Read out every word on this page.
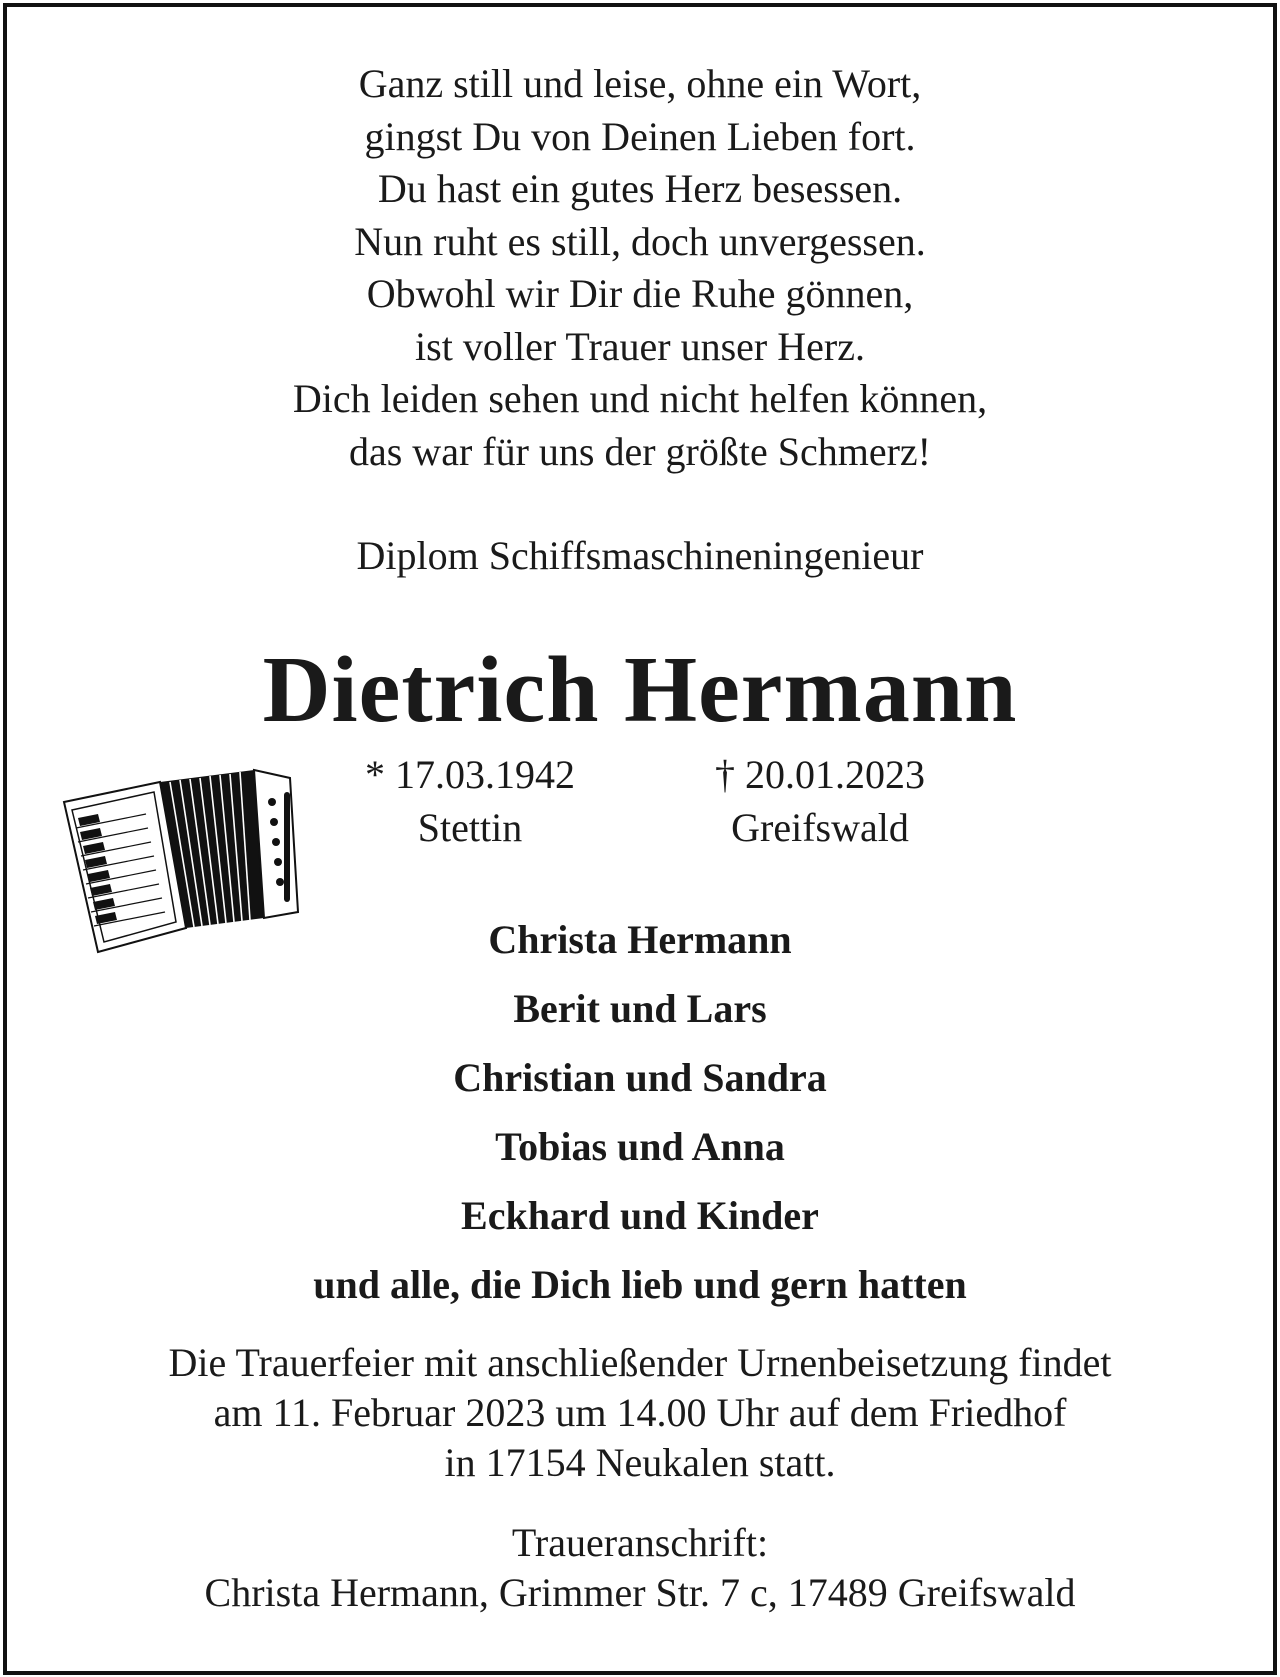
Ganz still und leise, ohne ein Wort,
gingst Du von Deinen Lieben fort.
Du hast ein gutes Herz besessen.
Nun ruht es still, doch unvergessen.
Obwohl wir Dir die Ruhe gönnen,
ist voller Trauer unser Herz.
Dich leiden sehen und nicht helfen können,
das war für uns der größte Schmerz!
Diplom Schiffsmaschineningenieur
Dietrich Hermann
* 17.03.1942
Stettin
† 20.01.2023
Greifswald
Christa Hermann
Berit und Lars
Christian und Sandra
Tobias und Anna
Eckhard und Kinder
und alle, die Dich lieb und gern hatten
Die Trauerfeier mit anschließender Urnenbeisetzung findet
am 11. Februar 2023 um 14.00 Uhr auf dem Friedhof
in 17154 Neukalen statt.
Traueranschrift:
Christa Hermann, Grimmer Str. 7 c, 17489 Greifswald
